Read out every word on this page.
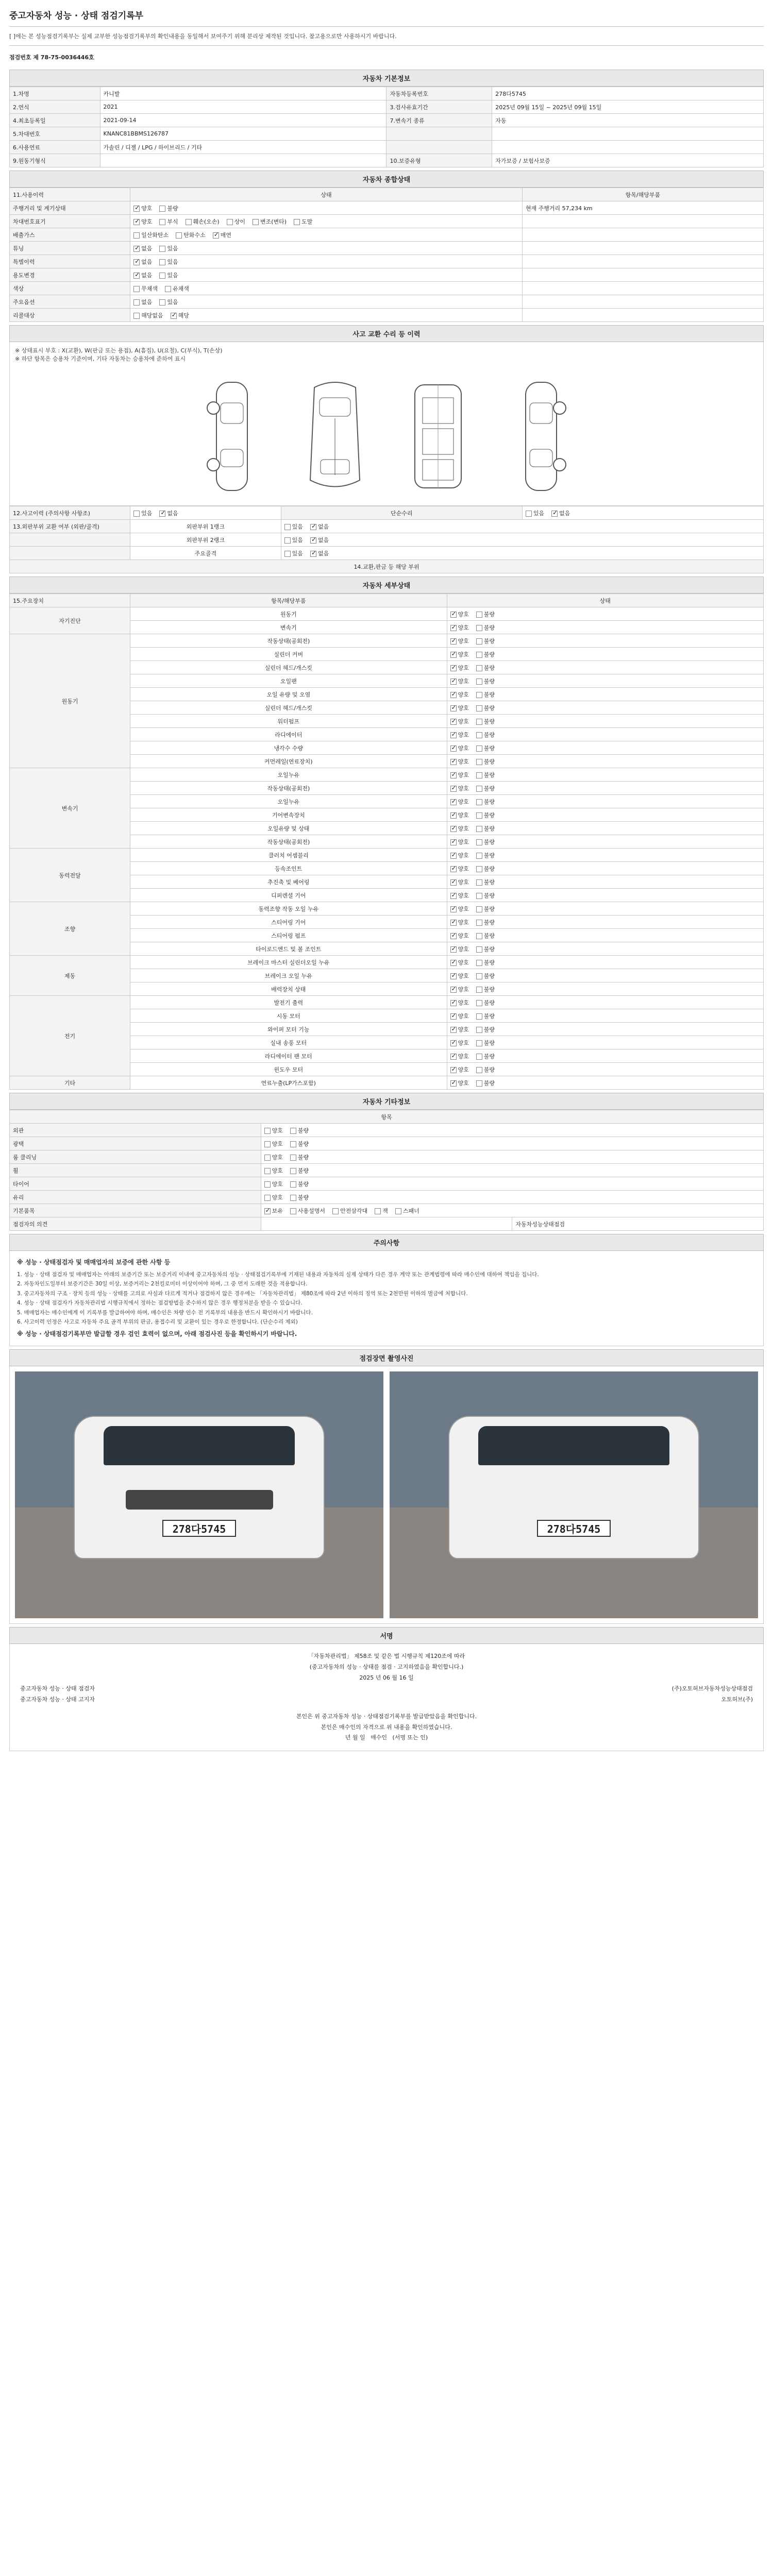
중고자동차 성능 · 상태 점검기록부
[ ]에는 본 성능점검기록부는 실제 교부한 성능점검기록부의 확인내용을 동일해서 보여주기 위해 분리상 제작된 것입니다. 참고용으로만 사용하시기 바랍니다.
점검번호 제 78-75-0036446호
자동차 기본정보
1.차명	카니발	자동차등록번호	278다5745
2.연식	2021	3.검사유효기간	2025년 09월 15일 ~ 2025년 09월 15일
4.최초등록일	2021-09-14	7.변속기 종류	자동
5.차대번호	KNANC81BBMS126787		
6.사용연료	가솔린 / 디젤 / LPG / 하이브리드 / 기타		
9.원동기형식		10.보증유형	자가보증 / 보험사보증
자동차 종합상태
11.사용이력	상태	항목/해당부품
주행거리 및 계기상태	✓양호 불량	현재 주행거리 57,234 km
차대번호표기	✓양호 부식 훼손(오손) 상이 변조(변타) 도말	
배출가스	일산화탄소 탄화수소 ✓ 매연	
튜닝	✓없음 있음	
특별이력	✓없음 있음	
용도변경	✓없음 있음	
색상	무채색 유채색	
주요옵션	없음 있음	
리콜대상	해당없음 ✓ 해당	
사고 교환 수리 등 이력
※ 상태표시 부호 : X(교환), W(판금 또는 용접), A(흠집), U(요철), C(부식), T(손상)
※ 하단 항목은 승용차 기준이며, 기타 자동차는 승용차에 준하여 표시
12.사고이력 (주의사항 사항조)	있음 ✓ 없음	단순수리	있음 ✓ 없음
13.외판부위 교환 여부 (외판/골격)	외판부위 1랭크	있음 ✓ 없음
	외판부위 2랭크	있음 ✓ 없음
	주요골격	있음 ✓ 없음
14.교환,판금 등 해당 부위			
자동차 세부상태
15.주요장치	항목/해당부품	상태
자기진단	원동기	✓양호 불량
	변속기	✓양호 불량
원동기	작동상태(공회전)	✓양호 불량
	실린더 커버	✓양호 불량
	실린더 헤드/개스킷	✓양호 불량
	오일팬	✓양호 불량
	오일 유량 및 오염	✓양호 불량
	실린더 헤드/개스킷	✓양호 불량
	워터펌프	✓양호 불량
	라디에이터	✓양호 불량
	냉각수 수량	✓양호 불량
	커먼레일(연료장치)	✓양호 불량
변속기	오일누유	✓양호 불량
	작동상태(공회전)	✓양호 불량
	오일누유	✓양호 불량
	기어변속장치	✓양호 불량
	오일유량 및 상태	✓양호 불량
	작동상태(공회전)	✓양호 불량
동력전달	클러치 어셈블리	✓양호 불량
	등속조인트	✓양호 불량
	추진축 및 베어링	✓양호 불량
	디퍼렌셜 기어	✓양호 불량
조향	동력조향 작동 오일 누유	✓양호 불량
	스티어링 기어	✓양호 불량
	스티어링 펌프	✓양호 불량
	타이로드엔드 및 볼 조인트	✓양호 불량
제동	브레이크 마스터 실린더오일 누유	✓양호 불량
	브레이크 오일 누유	✓양호 불량
	배력장치 상태	✓양호 불량
전기	발전기 출력	✓양호 불량
	시동 모터	✓양호 불량
	와이퍼 모터 기능	✓양호 불량
	실내 송풍 모터	✓양호 불량
	라디에이터 팬 모터	✓양호 불량
	윈도우 모터	✓양호 불량
기타	연료누출(LP가스포함)	✓양호 불량
자동차 기타정보
항목		
외관	양호 불량	
광택	양호 불량	
룸 클리닝	양호 불량	
휠	양호 불량	
타이어	양호 불량	
유리	양호 불량	
기본품목	✓보유 사용설명서 안전삼각대 잭 스패너
점검자의 의견		자동차성능상태점검
주의사항
※ 성능 · 상태점검자 및 매매업자의 보증에 관한 사항 등
1. 성능 · 상태 점검자 및 매매업자는 아래의 보증기간 또는 보증거리 이내에 중고자동차의 성능 · 상태점검기록부에 기재된 내용과 자동차의 실제 상태가 다른 경우 계약 또는 관계법령에 따라 매수인에 대하여 책임을 집니다.
2. 자동차인도일부터 보증기간은 30일 이상, 보증거리는 2천킬로미터 이상이어야 하며, 그 중 먼저 도래한 것을 적용합니다.
3. 중고자동차의 구조 · 장치 등의 성능 · 상태를 고의로 사실과 다르게 적거나 점검하지 않은 경우에는 「자동차관리법」 제80조에 따라 2년 이하의 징역 또는 2천만원 이하의 벌금에 처합니다.
4. 성능 · 상태 점검자가 자동차관리법 시행규칙에서 정하는 점검방법을 준수하지 않은 경우 행정처분을 받을 수 있습니다.
5. 매매업자는 매수인에게 이 기록부를 발급하여야 하며, 매수인은 차량 인수 전 기록부의 내용을 반드시 확인하시기 바랍니다.
6. 사고이력 인정은 사고로 자동차 주요 골격 부위의 판금, 용접수리 및 교환이 있는 경우로 한정합니다. (단순수리 제외)
※ 성능 · 상태점검기록부만 발급할 경우 검인 효력이 없으며, 아래 점검사진 등을 확인하시기 바랍니다.
점검장면 촬영사진
278다5745	278다5745
서명
「자동차관리법」 제58조 및 같은 법 시행규칙 제120조에 따라
(중고자동차의 성능 · 상태를 점검 · 고지하였음을 확인합니다.)
2025 년 06 월 16 일
중고자동차 성능 · 상태 점검자	(주)오토허브자동차성능상태점검
중고자동차 성능 · 상태 고지자	오토허브(주)
본인은 위 중고자동차 성능 · 상태점검기록부를 발급받았음을 확인합니다.
본인은 매수인의 자격으로 위 내용을 확인하였습니다.
년 월 일 매수인 (서명 또는 인)
